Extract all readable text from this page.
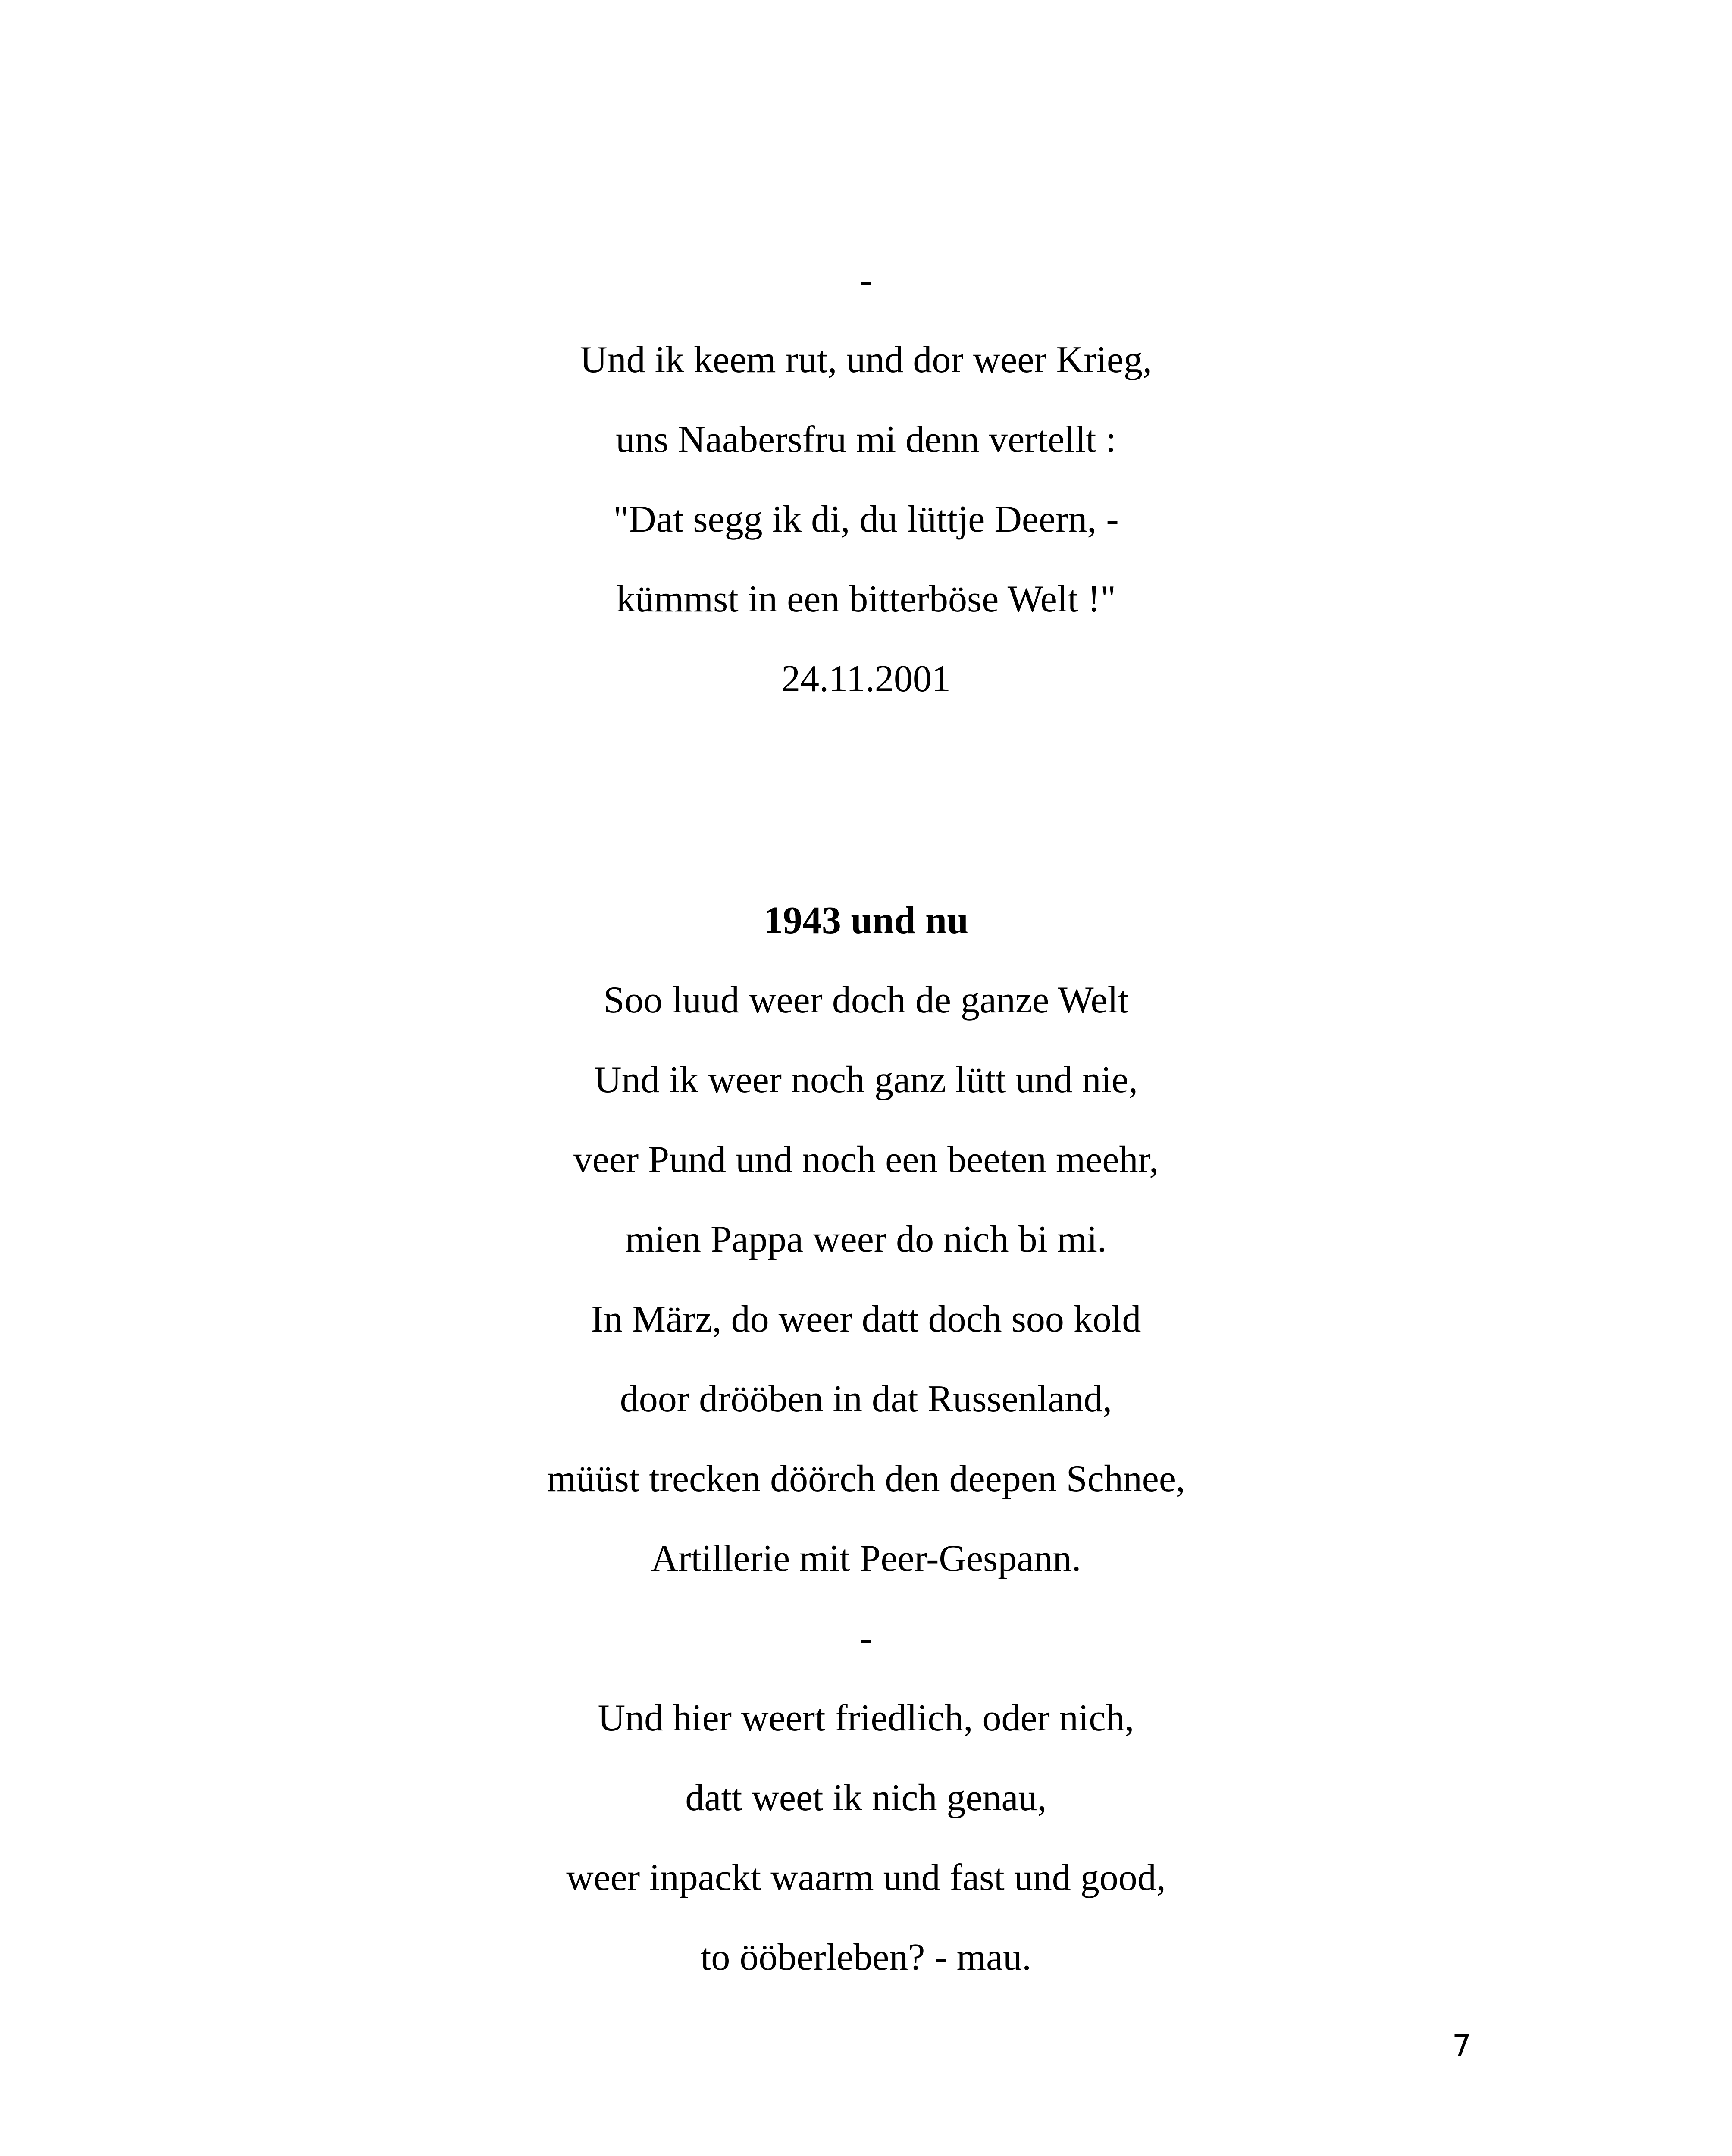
-
Und ik keem rut, und dor weer Krieg,
uns Naabersfru mi denn vertellt :
"Dat segg ik di, du lüttje Deern, -
kümmst in een bitterböse Welt !"
24.11.2001
1943 und nu
Soo luud weer doch de ganze Welt
Und ik weer noch ganz lütt und nie,
veer Pund und noch een beeten meehr,
mien Pappa weer do nich bi mi.
In März, do weer datt doch soo kold
door drööben in dat Russenland,
müüst trecken döörch den deepen Schnee,
Artillerie mit Peer-Gespann.
-
Und hier weert friedlich, oder nich,
datt weet ik nich genau,
weer inpackt waarm und fast und good,
to ööberleben? - mau.
7
